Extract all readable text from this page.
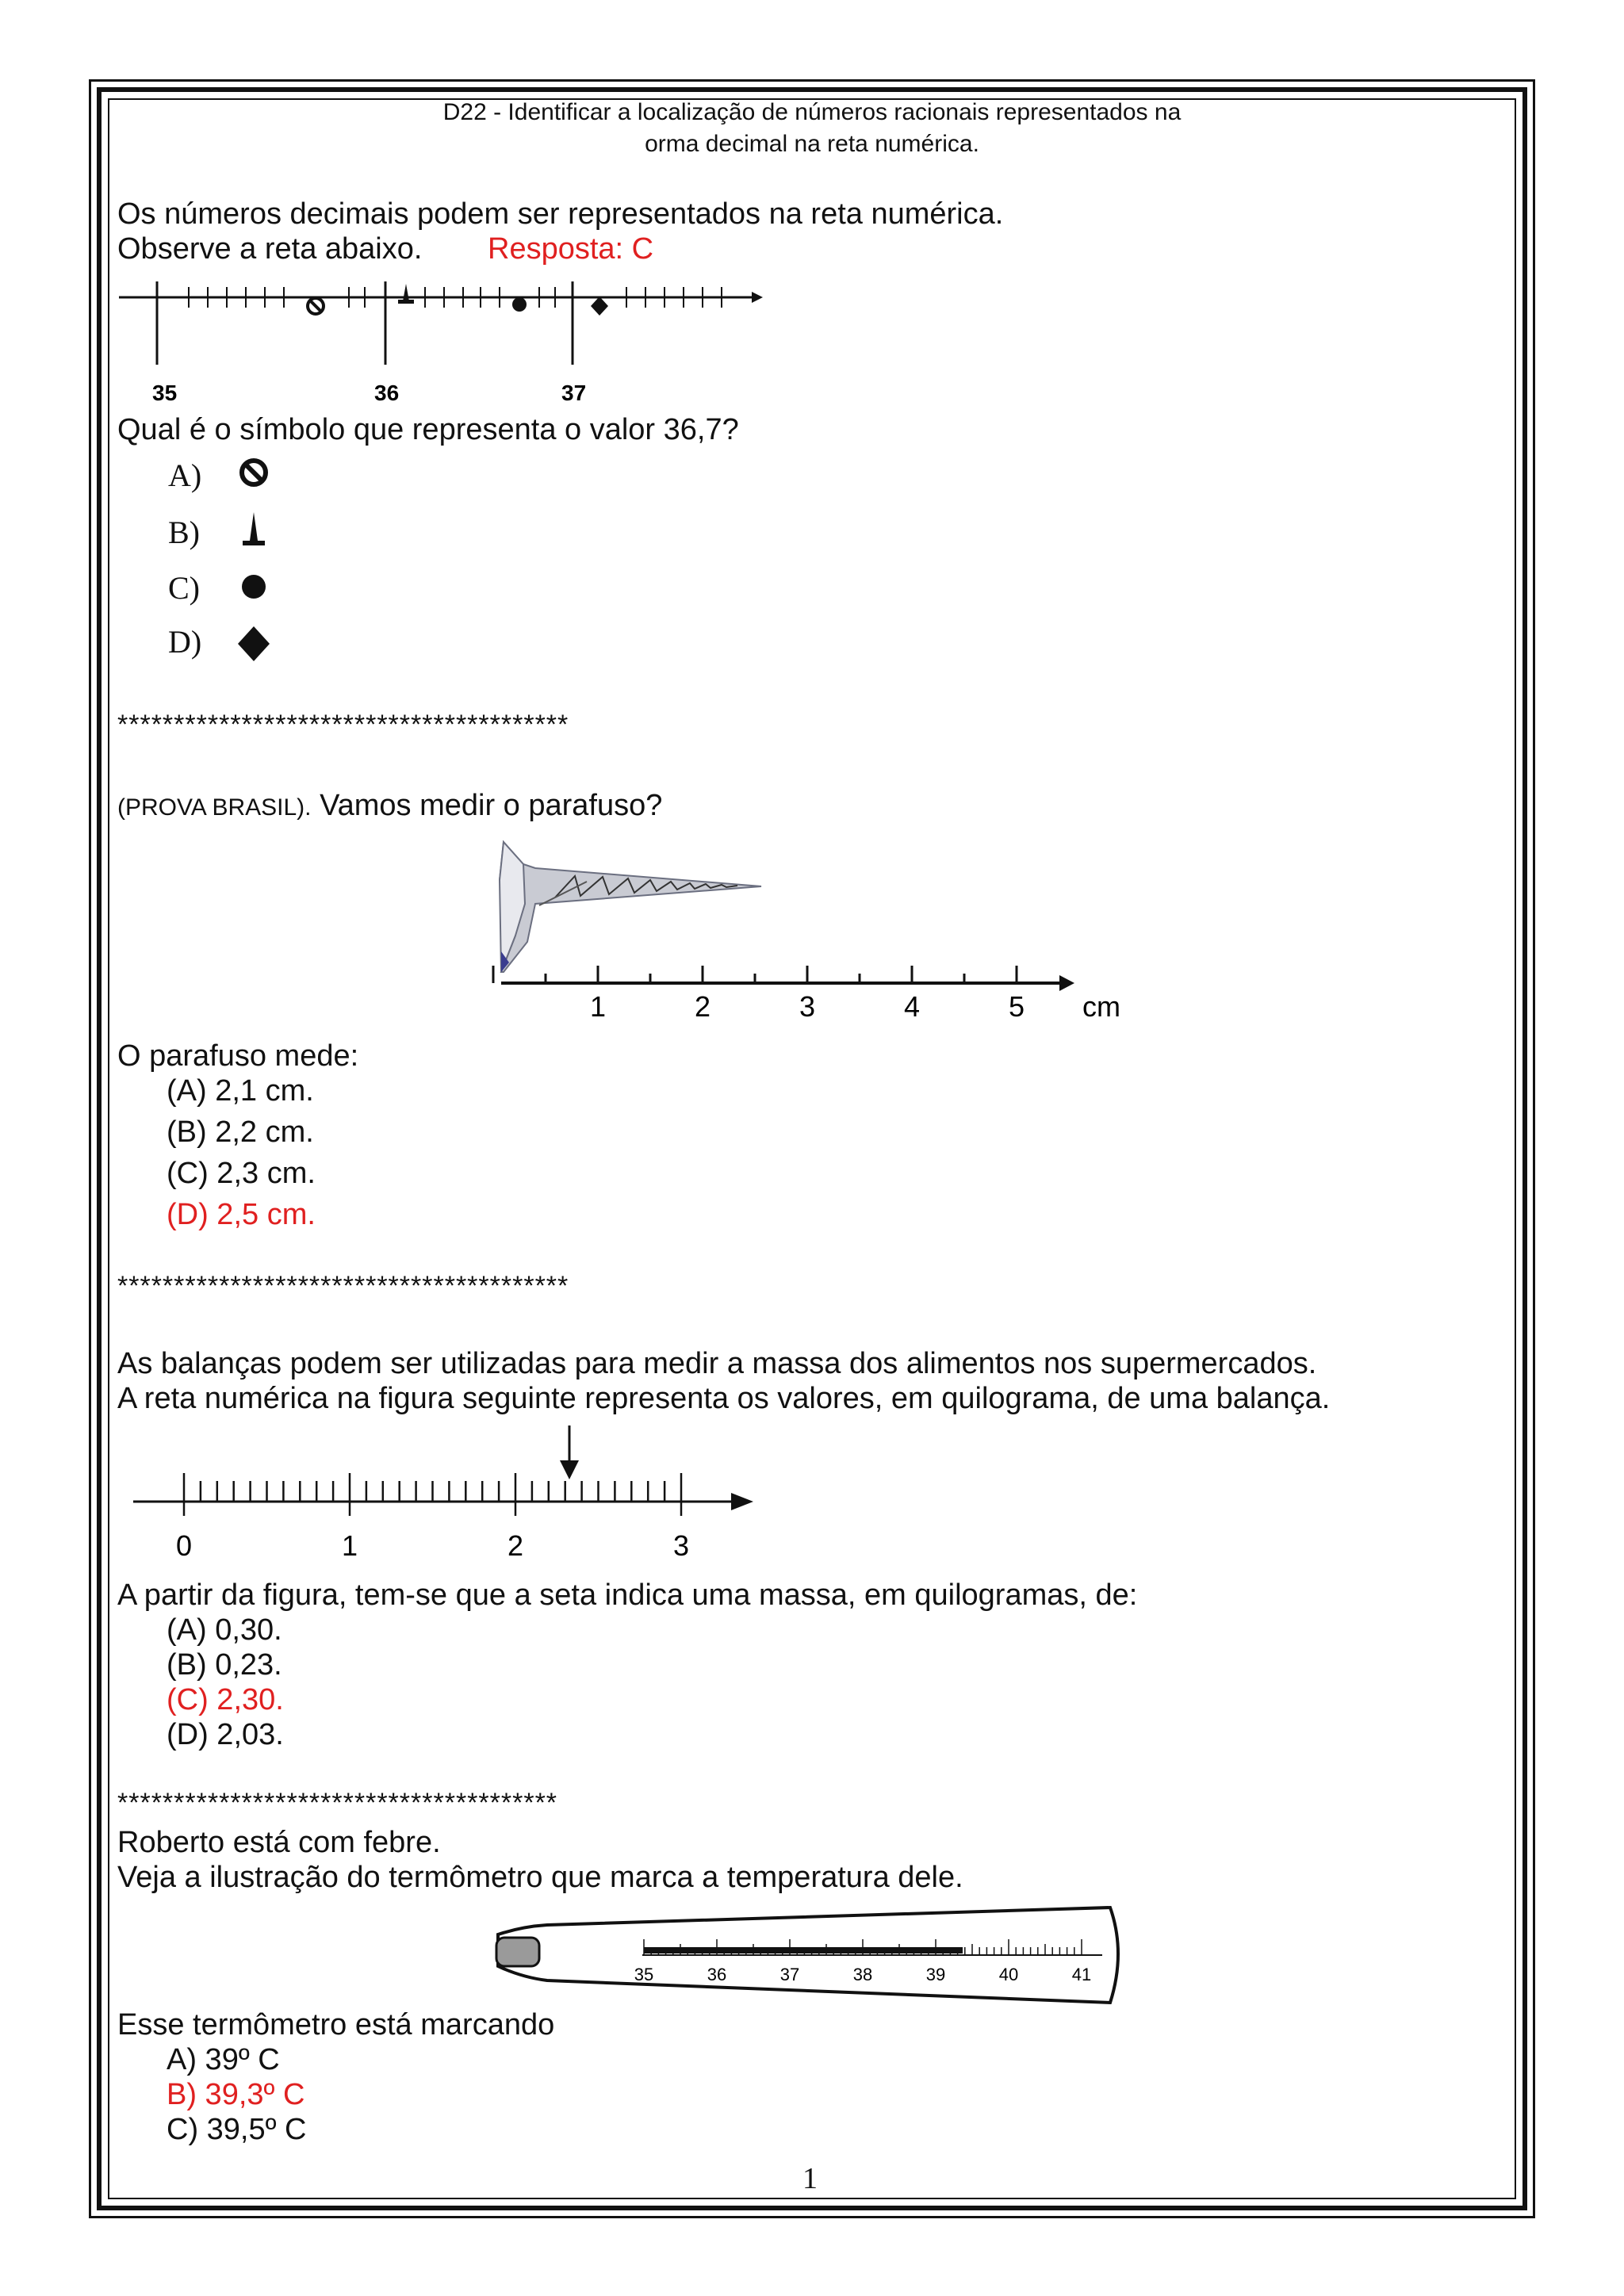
D22 - Identificar a localização de números racionais representados na
orma decimal na reta numérica.
Os números decimais podem ser representados na reta numérica.
Observe a reta abaixo. Resposta: C
35	36	37
Qual é o símbolo que representa o valor 36,7?
A)
B)
C)
D)
****************************************
(PROVA BRASIL). Vamos medir o parafuso?
1	2	3	4	5 cm
O parafuso mede:
(A) 2,1 cm.
(B) 2,2 cm.
(C) 2,3 cm.
(D) 2,5 cm.
****************************************
As balanças podem ser utilizadas para medir a massa dos alimentos nos supermercados.
A reta numérica na figura seguinte representa os valores, em quilograma, de uma balança.
0	1	2	3
A partir da figura, tem-se que a seta indica uma massa, em quilogramas, de:
(A) 0,30.
(B) 0,23.
(C) 2,30.
(D) 2,03.
***************************************
Roberto está com febre.
Veja a ilustração do termômetro que marca a temperatura dele.
35	36	37	38	39	40	41
Esse termômetro está marcando
A) 39º C
B) 39,3º C
C) 39,5º C
1
